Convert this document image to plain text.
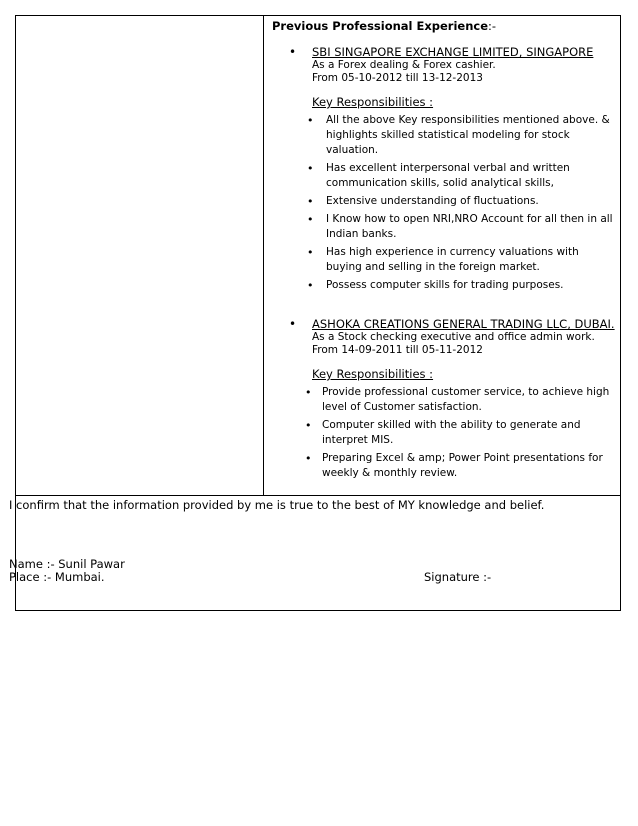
Previous Professional Experience:-
• SBI SINGAPORE EXCHANGE LIMITED, SINGAPORE
As a Forex dealing & Forex cashier.
From 05-10-2012 till 13-12-2013
Key Responsibilities :
• All the above Key responsibilities mentioned above. & highlights skilled statistical modeling for stock valuation.
• Has excellent interpersonal verbal and written communication skills, solid analytical skills,
• Extensive understanding of fluctuations.
• I Know how to open NRI,NRO Account for all then in all Indian banks.
• Has high experience in currency valuations with buying and selling in the foreign market.
• Possess computer skills for trading purposes.
• ASHOKA CREATIONS GENERAL TRADING LLC, DUBAI.
As a Stock checking executive and office admin work.
From 14-09-2011 till 05-11-2012
Key Responsibilities :
• Provide professional customer service, to achieve high level of Customer satisfaction.
• Computer skilled with the ability to generate and interpret MIS.
• Preparing Excel & amp; Power Point presentations for weekly & monthly review.
I confirm that the information provided by me is true to the best of MY knowledge and belief.
Name :- Sunil Pawar
Place :- Mumbai.	Signature :-
